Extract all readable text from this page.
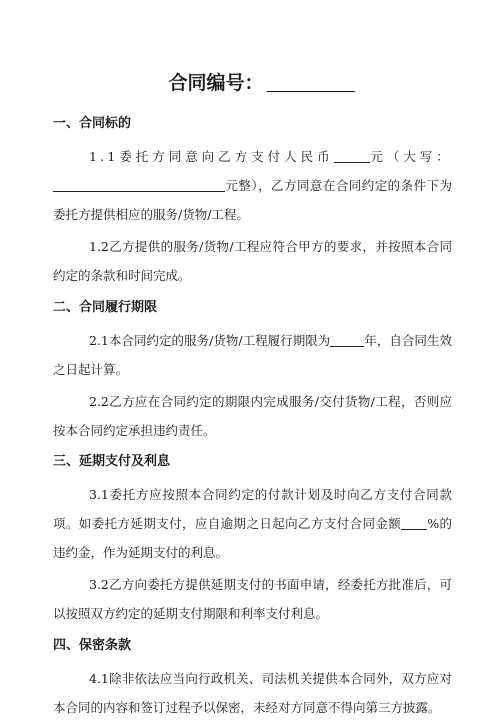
合同编号：
一、合同标的

1.1委托方同意向乙方支付人民币	元（大写：元整），乙方同意在合同约定的条件下为委托方提供相应的服务/货物/工程。

1.2乙方提供的服务/货物/工程应符合甲方的要求，并按照本合同约定的条款和时间完成。

二、合同履行期限

2.1本合同约定的服务/货物/工程履行期限为	年，自合同生效之日起计算。

2.2乙方应在合同约定的期限内完成服务/交付货物/工程，否则应按本合同约定承担违约责任。

三、延期支付及利息

3.1委托方应按照本合同约定的付款计划及时向乙方支付合同款项。如委托方延期支付，应自逾期之日起向乙方支付合同金额 %的违约金，作为延期支付的利息。

3.2乙方向委托方提供延期支付的书面申请，经委托方批准后，可以按照双方约定的延期支付期限和利率支付利息。

四、保密条款

4.1除非依法应当向行政机关、司法机关提供本合同外，双方应对本合同的内容和签订过程予以保密，未经对方同意不得向第三方披露。
